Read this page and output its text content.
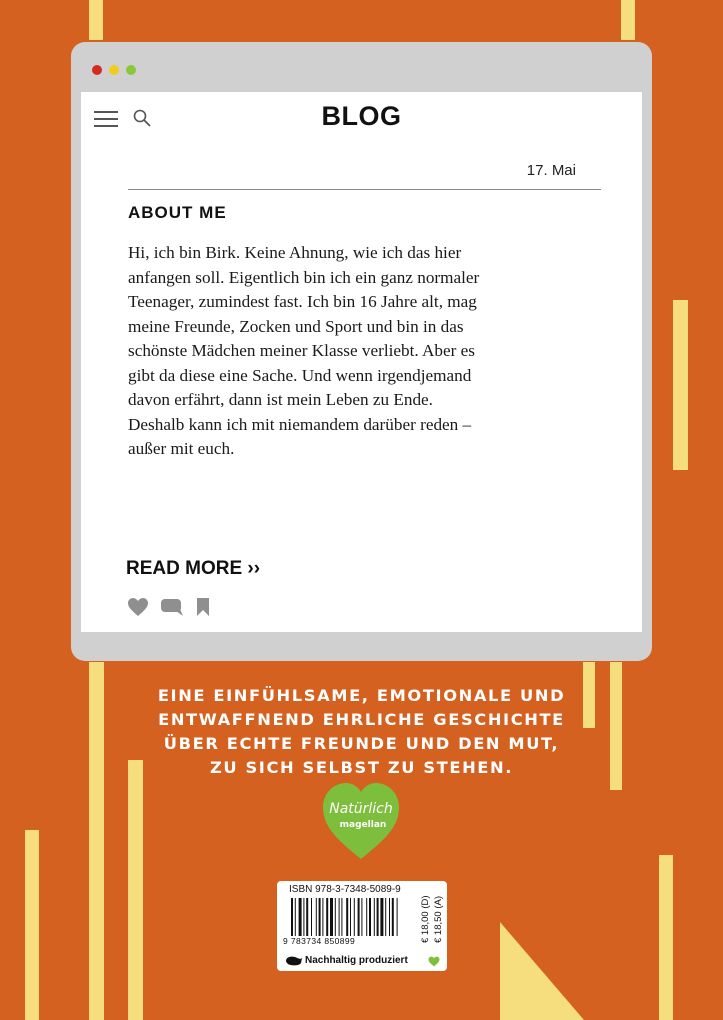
BLOG
17. Mai
ABOUT ME
Hi, ich bin Birk. Keine Ahnung, wie ich das hier
anfangen soll. Eigentlich bin ich ein ganz normaler
Teenager, zumindest fast. Ich bin 16 Jahre alt, mag
meine Freunde, Zocken und Sport und bin in das
schönste Mädchen meiner Klasse verliebt. Aber es
gibt da diese eine Sache. Und wenn irgendjemand
davon erfährt, dann ist mein Leben zu Ende.
Deshalb kann ich mit niemandem darüber reden –
außer mit euch.
READ MORE ››
EINE EINFÜHLSAME, EMOTIONALE UND
ENTWAFFNEND EHRLICHE GESCHICHTE
ÜBER ECHTE FREUNDE UND DEN MUT,
ZU SICH SELBST ZU STEHEN.
Natürlich
magellan
ISBN 978-3-7348-5089-9
9 783734 850899	€ 18,00 (D) € 18,50 (A)
Nachhaltig produziert
